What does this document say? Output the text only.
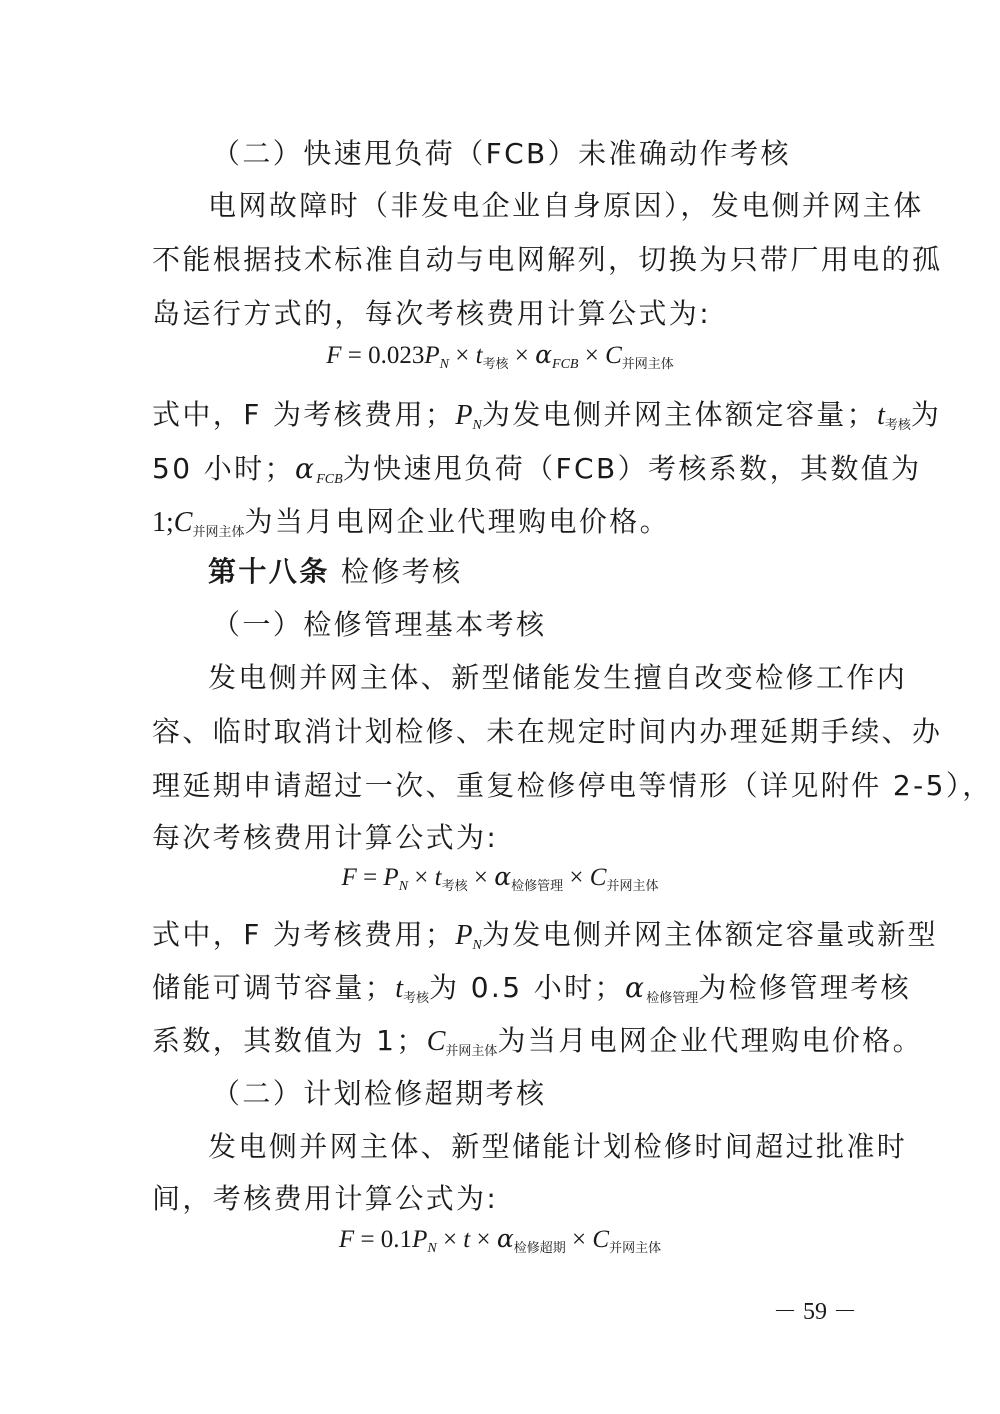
（二）快速甩负荷（FCB）未准确动作考核
电网故障时（非发电企业自身原因），发电侧并网主体
不能根据技术标准自动与电网解列，切换为只带厂用电的孤
岛运行方式的，每次考核费用计算公式为:
$F = 0.023P_N \times t_{考核} \times \alpha_{FCB} \times C_{并网主体}$
式中，F 为考核费用；PN为发电侧并网主体额定容量；$t_{考核}$为
50 小时；αFCB为快速甩负荷（FCB）考核系数，其数值为
$1;C_{并网主体}$为当月电网企业代理购电价格。
第十八条 检修考核
（一）检修管理基本考核
发电侧并网主体、新型储能发生擅自改变检修工作内
容、临时取消计划检修、未在规定时间内办理延期手续、办
理延期申请超过一次、重复检修停电等情形（详见附件 2-5），
每次考核费用计算公式为:
$F = P_N \times t_{考核} \times \alpha_{检修管理} \times C_{并网主体}$
式中，F 为考核费用；PN为发电侧并网主体额定容量或新型
储能可调节容量；$t_{考核}$为 0.5 小时；$\alpha_{检修管理}$为检修管理考核
系数，其数值为 1；$C_{并网主体}$为当月电网企业代理购电价格。
（二）计划检修超期考核
发电侧并网主体、新型储能计划检修时间超过批准时
间，考核费用计算公式为:
$F = 0.1P_N \times t \times \alpha_{检修超期} \times C_{并网主体}$
－ 59 －
